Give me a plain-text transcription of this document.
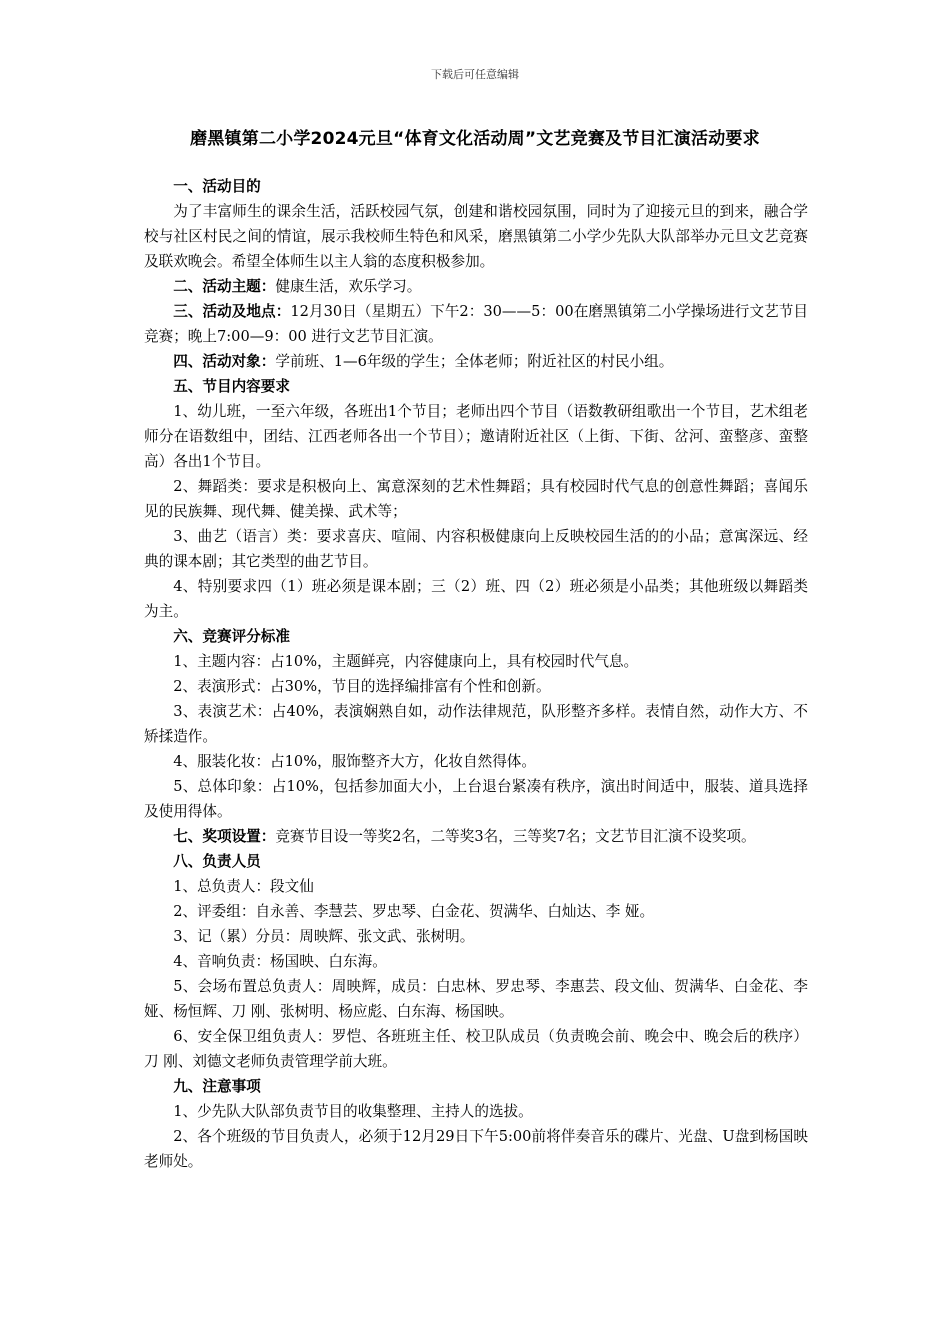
下载后可任意编辑
磨黑镇第二小学2024元旦“体育文化活动周”文艺竞赛及节目汇演活动要求

一、活动目的

为了丰富师生的课余生活，活跃校园气氛，创建和谐校园氛围，同时为了迎接元旦的到来，融合学校与社区村民之间的情谊，展示我校师生特色和风采，磨黑镇第二小学少先队大队部举办元旦文艺竞赛及联欢晚会。希望全体师生以主人翁的态度积极参加。

二、活动主题：健康生活，欢乐学习。

三、活动及地点：12月30日（星期五）下午2：30——5：00在磨黑镇第二小学操场进行文艺节目竞赛；晚上7:00—9：00 进行文艺节目汇演。

四、活动对象：学前班、1—6年级的学生；全体老师；附近社区的村民小组。

五、节目内容要求

1、幼儿班，一至六年级，各班出1个节目；老师出四个节目（语数教研组歌出一个节目，艺术组老师分在语数组中，团结、江西老师各出一个节目）；邀请附近社区（上街、下街、岔河、蛮整彦、蛮整高）各出1个节目。

2、舞蹈类：要求是积极向上、寓意深刻的艺术性舞蹈；具有校园时代气息的创意性舞蹈；喜闻乐见的民族舞、现代舞、健美操、武术等；

3、曲艺（语言）类：要求喜庆、喧闹、内容积极健康向上反映校园生活的的小品；意寓深远、经典的课本剧；其它类型的曲艺节目。

4、特别要求四（1）班必须是课本剧；三（2）班、四（2）班必须是小品类；其他班级以舞蹈类为主。

六、竞赛评分标准

1、主题内容：占10%，主题鲜亮，内容健康向上，具有校园时代气息。

2、表演形式：占30%，节目的选择编排富有个性和创新。

3、表演艺术：占40%，表演娴熟自如，动作法律规范，队形整齐多样。表情自然，动作大方、不矫揉造作。

4、服装化妆：占10%，服饰整齐大方，化妆自然得体。

5、总体印象：占10%，包括参加面大小，上台退台紧凑有秩序，演出时间适中，服装、道具选择及使用得体。

七、奖项设置：竞赛节目设一等奖2名，二等奖3名，三等奖7名；文艺节目汇演不设奖项。

八、负责人员

1、总负责人：段文仙

2、评委组：自永善、李慧芸、罗忠琴、白金花、贺满华、白灿达、李 娅。

3、记（累）分员：周映辉、张文武、张树明。

4、音响负责：杨国映、白东海。

5、会场布置总负责人：周映辉，成员：白忠林、罗忠琴、李惠芸、段文仙、贺满华、白金花、李 娅、杨恒辉、刀 刚、张树明、杨应彪、白东海、杨国映。

6、安全保卫组负责人：罗恺、各班班主任、校卫队成员（负责晚会前、晚会中、晚会后的秩序）刀 刚、刘德文老师负责管理学前大班。

九、注意事项

1、少先队大队部负责节目的收集整理、主持人的选拔。

2、各个班级的节目负责人，必须于12月29日下午5:00前将伴奏音乐的碟片、光盘、U盘到杨国映老师处。
